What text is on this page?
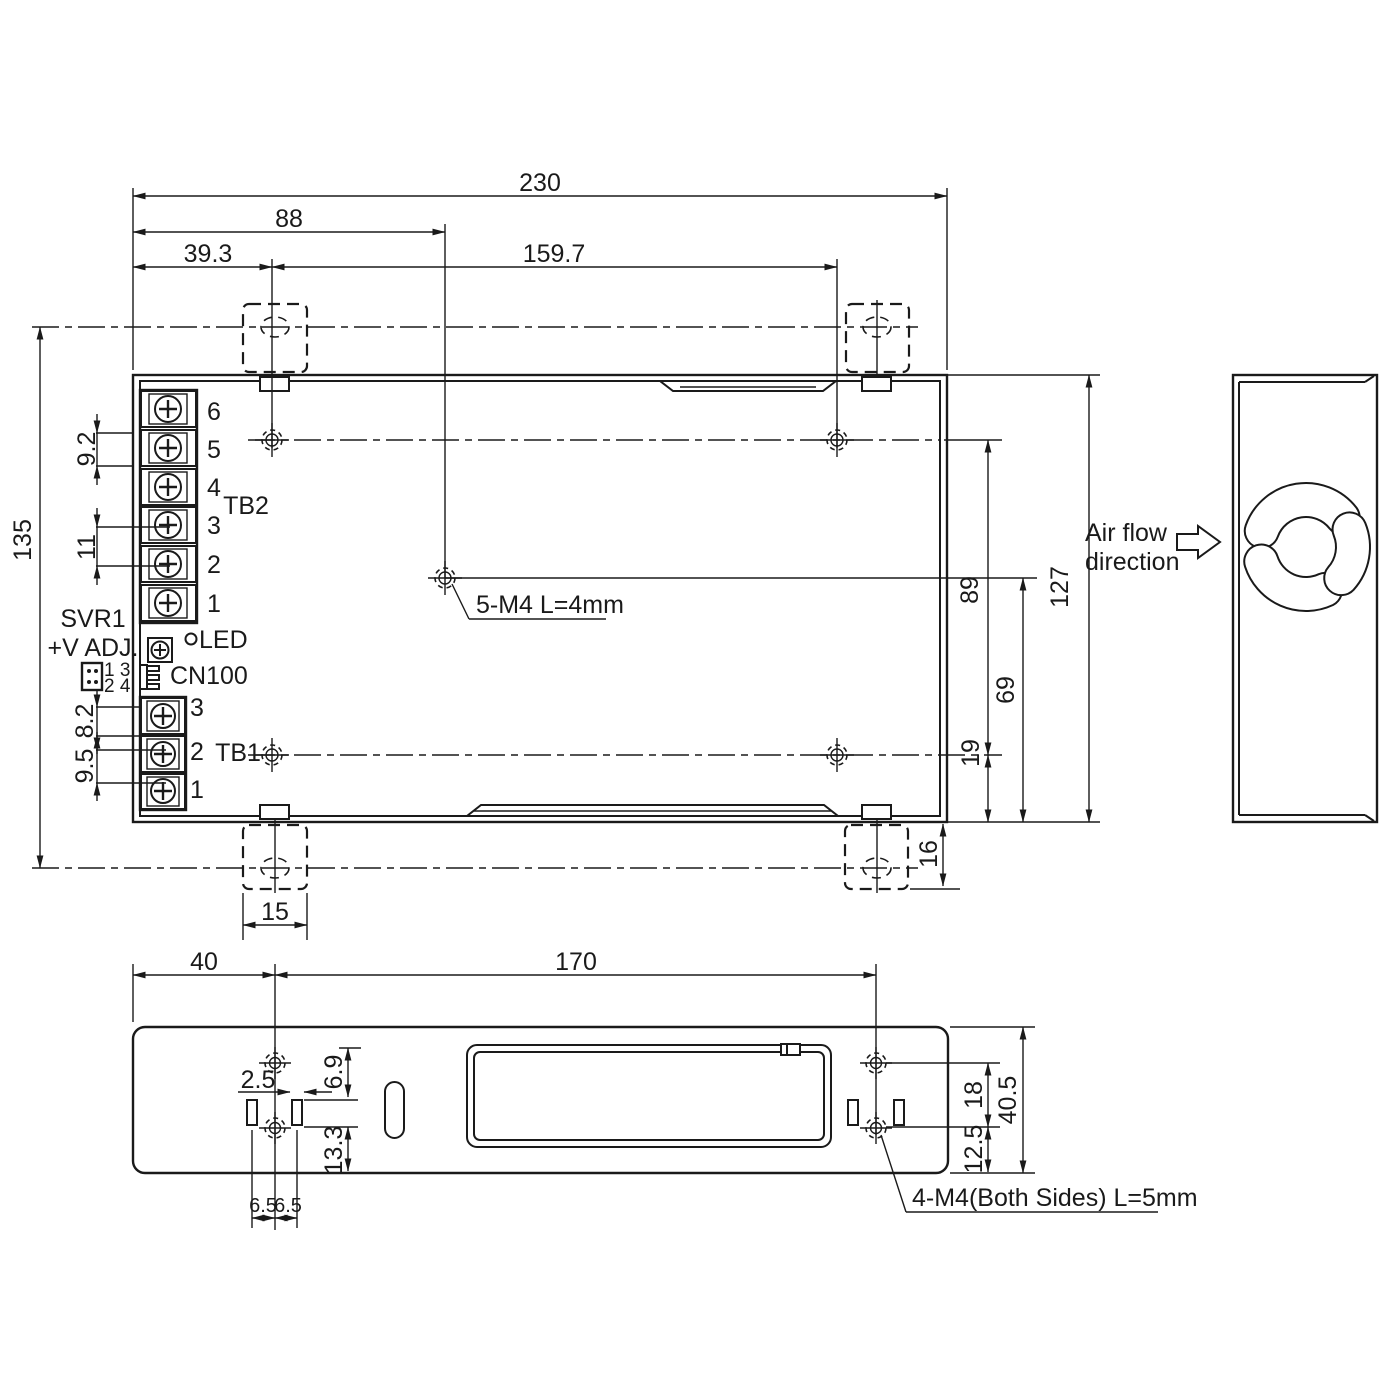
230
88
39.3	159.7
135
9.2
11
8.2
9.5
89
69
19
127
16
15
6
5
4
3
2
1
TB2
3
2
1
TB1
SVR1
+V ADJ.
1 3
2 4 CN100
LED
5-M4 L=4mm
Air flow
direction
40	170
2.5 6.9
13.3
6.5
6.5
18
12.5
40.5
4-M4(Both Sides) L=5mm
